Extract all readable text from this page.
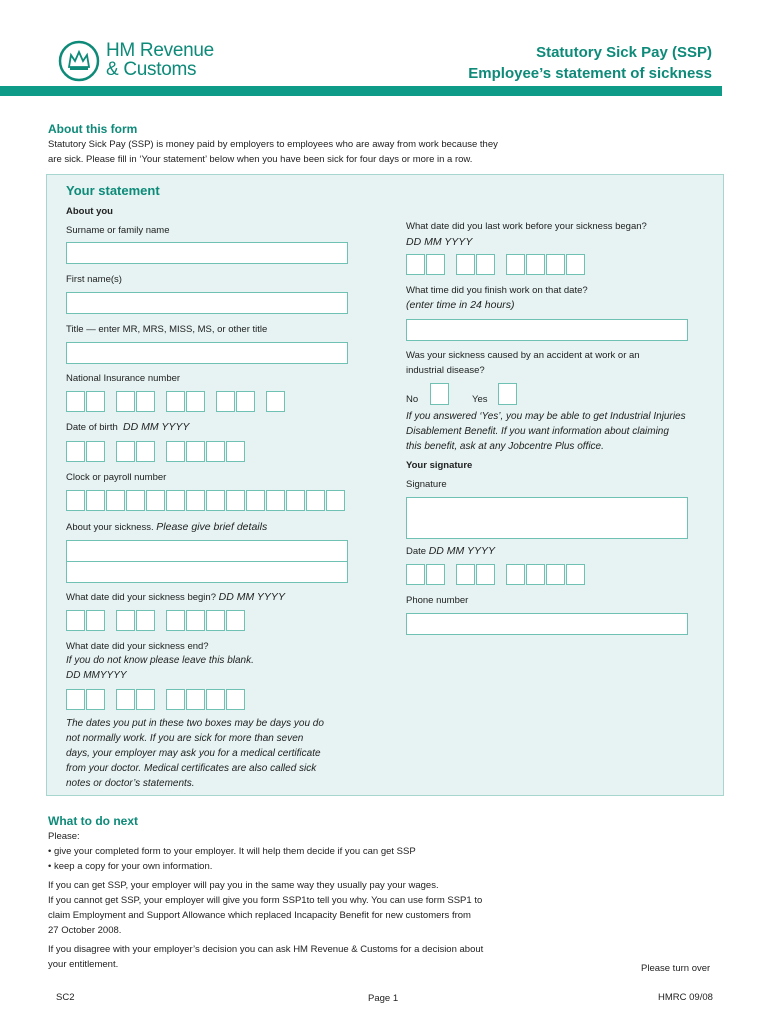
HM Revenue
& Customs
Statutory Sick Pay (SSP)
Employee’s statement of sickness
About this form
Statutory Sick Pay (SSP) is money paid by employers to employees who are away from work because they
are sick. Please fill in ‘Your statement’ below when you have been sick for four days or more in a row.
Your statement
About you
Surname or family name
First name(s)
Title — enter MR, MRS, MISS, MS, or other title
National Insurance number
Date of birth DD MM YYYY
Clock or payroll number
About your sickness. Please give brief details
What date did your sickness begin? DD MM YYYY
What date did your sickness end?
If you do not know please leave this blank.
DD MMYYYY
The dates you put in these two boxes may be days you do
not normally work. If you are sick for more than seven
days, your employer may ask you for a medical certificate
from your doctor. Medical certificates are also called sick
notes or doctor’s statements.
What date did you last work before your sickness began?
DD MM YYYY
What time did you finish work on that date?
(enter time in 24 hours)
Was your sickness caused by an accident at work or an
industrial disease?
No	Yes
If you answered ‘Yes’, you may be able to get Industrial Injuries
Disablement Benefit. If you want information about claiming
this benefit, ask at any Jobcentre Plus office.
Your signature
Signature
Date DD MM YYYY
Phone number
What to do next
Please:
• give your completed form to your employer. It will help them decide if you can get SSP
• keep a copy for your own information.
If you can get SSP, your employer will pay you in the same way they usually pay your wages.
If you cannot get SSP, your employer will give you form SSP1to tell you why. You can use form SSP1 to
claim Employment and Support Allowance which replaced Incapacity Benefit for new customers from
27 October 2008.
If you disagree with your employer’s decision you can ask HM Revenue & Customs for a decision about
your entitlement.	Please turn over
SC2	Page 1	HMRC 09/08
